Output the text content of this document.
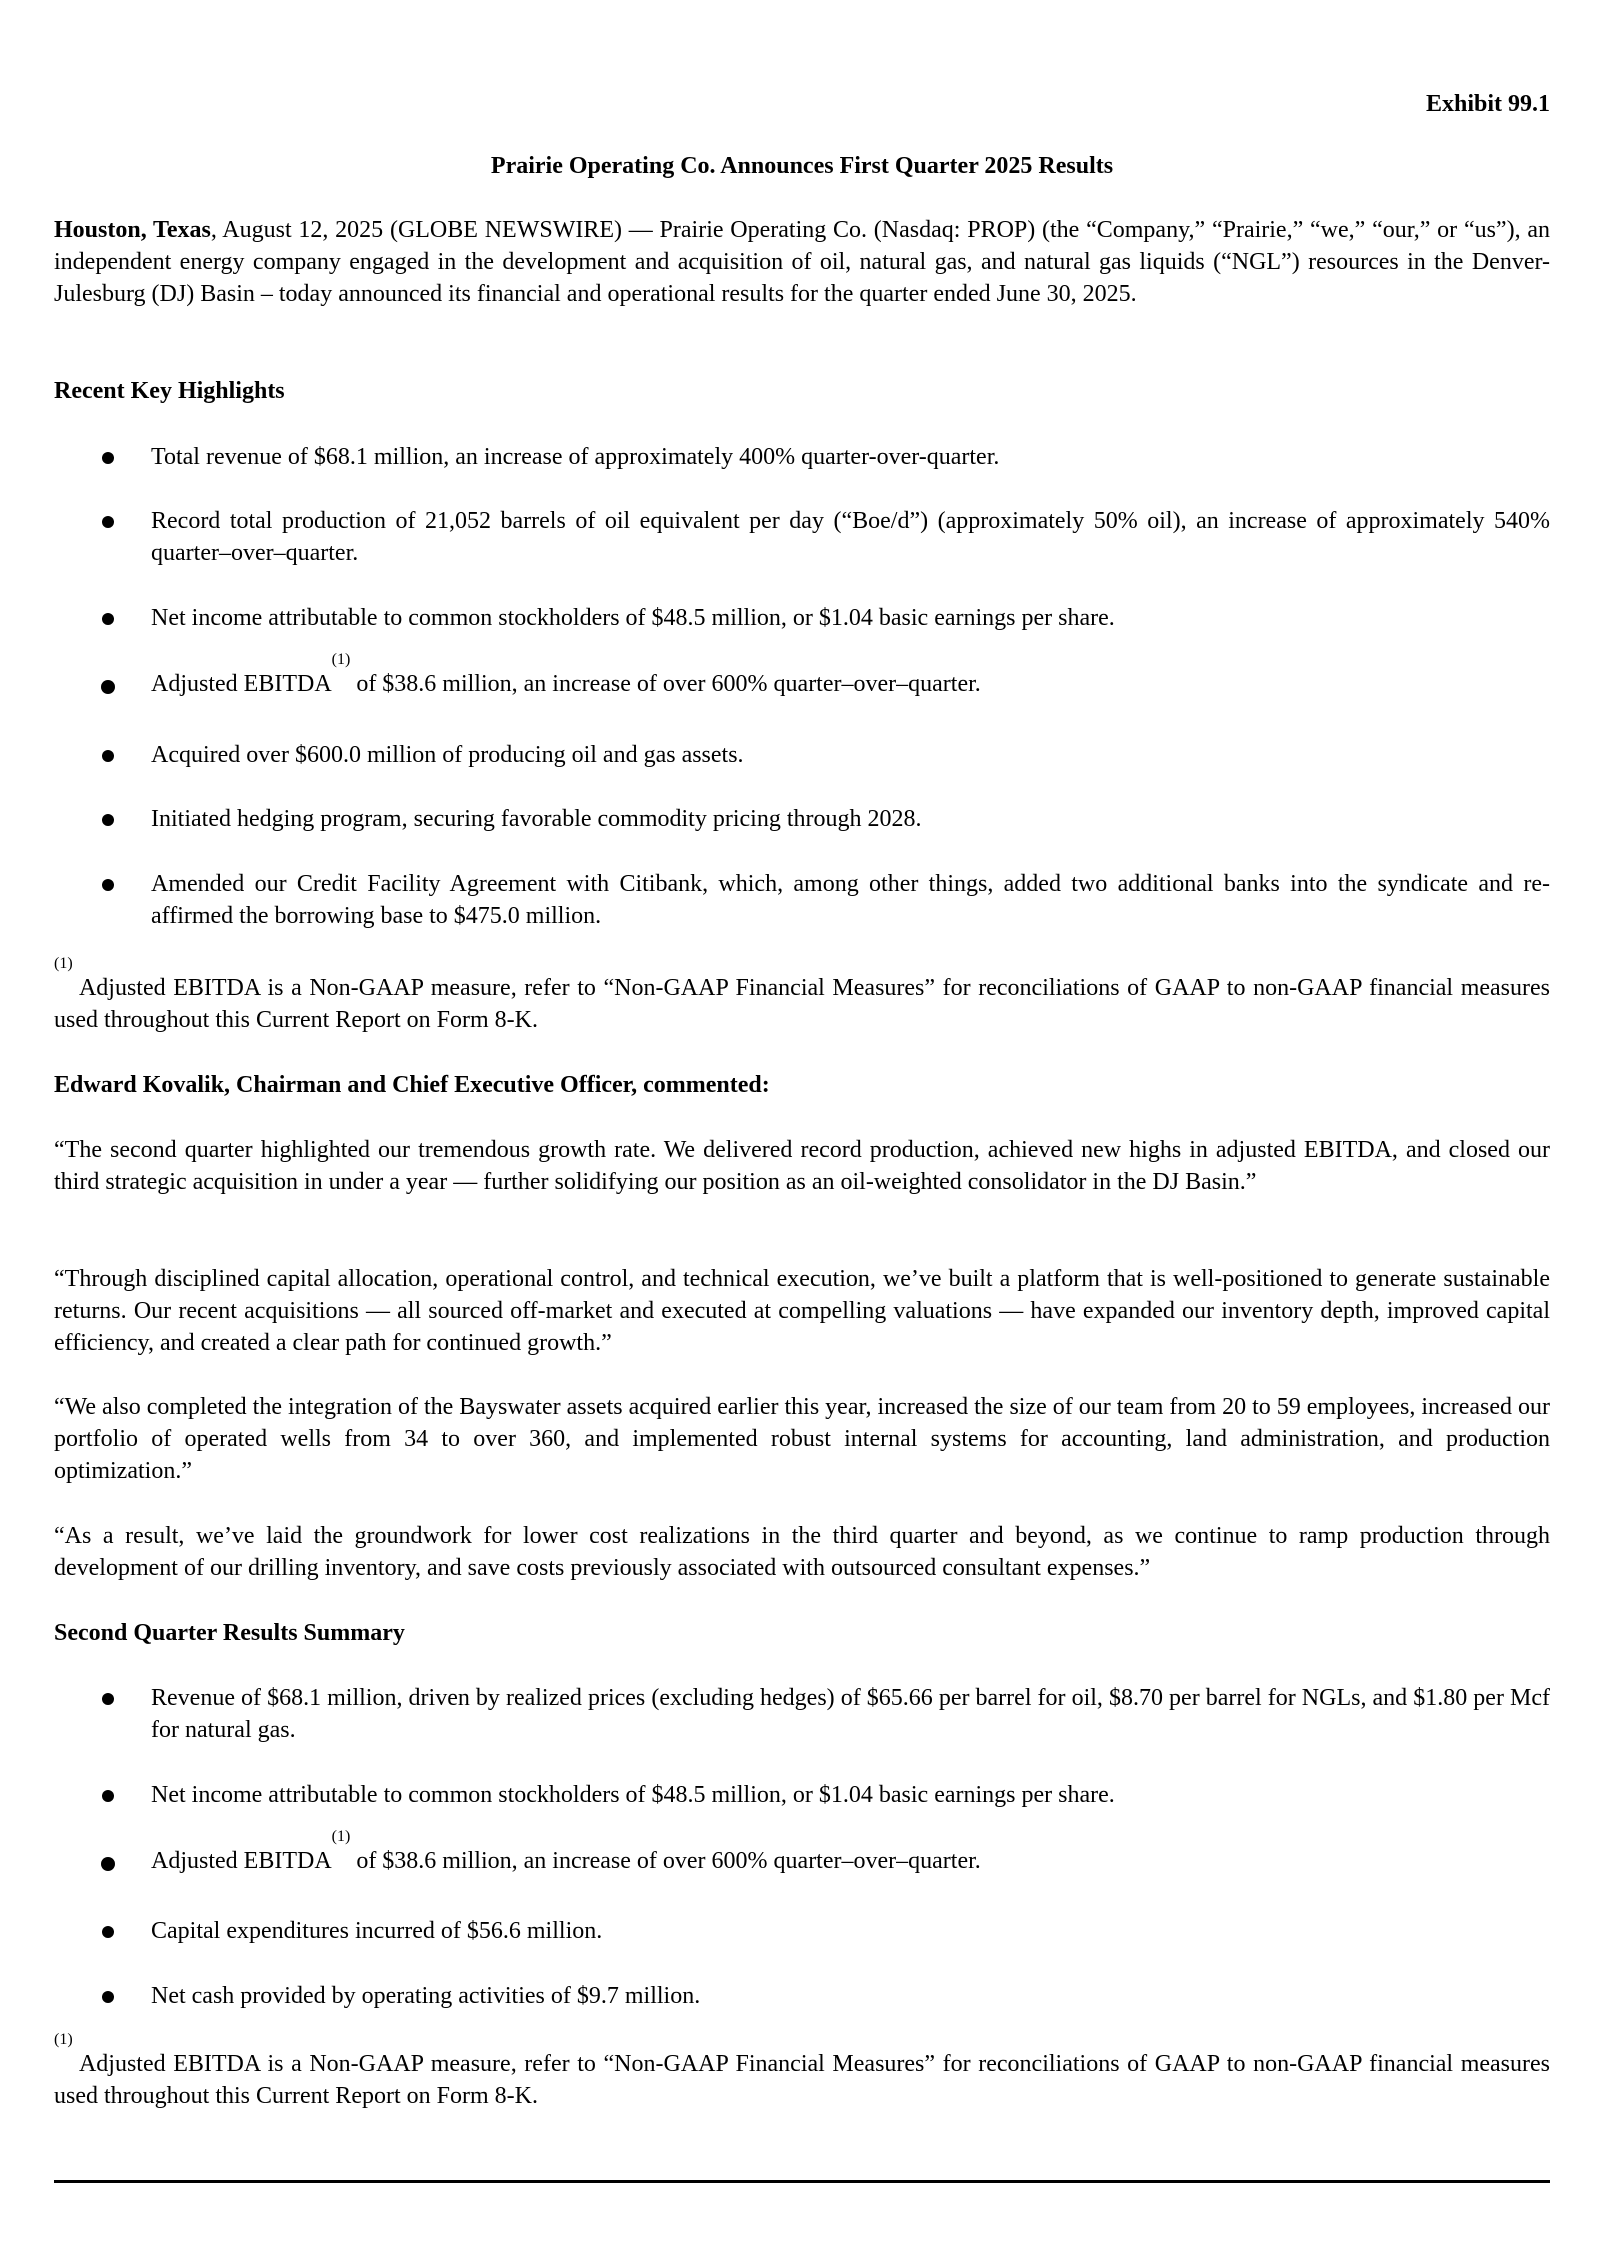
Exhibit 99.1

Prairie Operating Co. Announces First Quarter 2025 Results

Houston, Texas, August 12, 2025 (GLOBE NEWSWIRE) — Prairie Operating Co. (Nasdaq: PROP) (the “Company,” “Prairie,” “we,” “our,” or “us”), an independent energy company engaged in the development and acquisition of oil, natural gas, and natural gas liquids (“NGL”) resources in the Denver-Julesburg (DJ) Basin – today announced its financial and operational results for the quarter ended June 30, 2025.

Recent Key Highlights

Total revenue of $68.1 million, an increase of approximately 400% quarter-over-quarter.

Record total production of 21,052 barrels of oil equivalent per day (“Boe/d”) (approximately 50% oil), an increase of approximately 540% quarter–over–quarter.

Net income attributable to common stockholders of $48.5 million, or $1.04 basic earnings per share.

Adjusted EBITDA$^{(1)}$ of $38.6 million, an increase of over 600% quarter–over–quarter.

Acquired over $600.0 million of producing oil and gas assets.

Initiated hedging program, securing favorable commodity pricing through 2028.

Amended our Credit Facility Agreement with Citibank, which, among other things, added two additional banks into the syndicate and re-affirmed the borrowing base to $475.0 million.

$^{(1)}$ Adjusted EBITDA is a Non-GAAP measure, refer to “Non-GAAP Financial Measures” for reconciliations of GAAP to non-GAAP financial measures used throughout this Current Report on Form 8-K.

Edward Kovalik, Chairman and Chief Executive Officer, commented:

“The second quarter highlighted our tremendous growth rate. We delivered record production, achieved new highs in adjusted EBITDA, and closed our third strategic acquisition in under a year — further solidifying our position as an oil-weighted consolidator in the DJ Basin.”

“Through disciplined capital allocation, operational control, and technical execution, we’ve built a platform that is well-positioned to generate sustainable returns. Our recent acquisitions — all sourced off-market and executed at compelling valuations — have expanded our inventory depth, improved capital efficiency, and created a clear path for continued growth.”

“We also completed the integration of the Bayswater assets acquired earlier this year, increased the size of our team from 20 to 59 employees, increased our portfolio of operated wells from 34 to over 360, and implemented robust internal systems for accounting, land administration, and production optimization.”

“As a result, we’ve laid the groundwork for lower cost realizations in the third quarter and beyond, as we continue to ramp production through development of our drilling inventory, and save costs previously associated with outsourced consultant expenses.”

Second Quarter Results Summary

Revenue of $68.1 million, driven by realized prices (excluding hedges) of $65.66 per barrel for oil, $8.70 per barrel for NGLs, and $1.80 per Mcf for natural gas.

Net income attributable to common stockholders of $48.5 million, or $1.04 basic earnings per share.

Adjusted EBITDA$^{(1)}$ of $38.6 million, an increase of over 600% quarter–over–quarter.

Capital expenditures incurred of $56.6 million.

Net cash provided by operating activities of $9.7 million.

$^{(1)}$ Adjusted EBITDA is a Non-GAAP measure, refer to “Non-GAAP Financial Measures” for reconciliations of GAAP to non-GAAP financial measures used throughout this Current Report on Form 8-K.
